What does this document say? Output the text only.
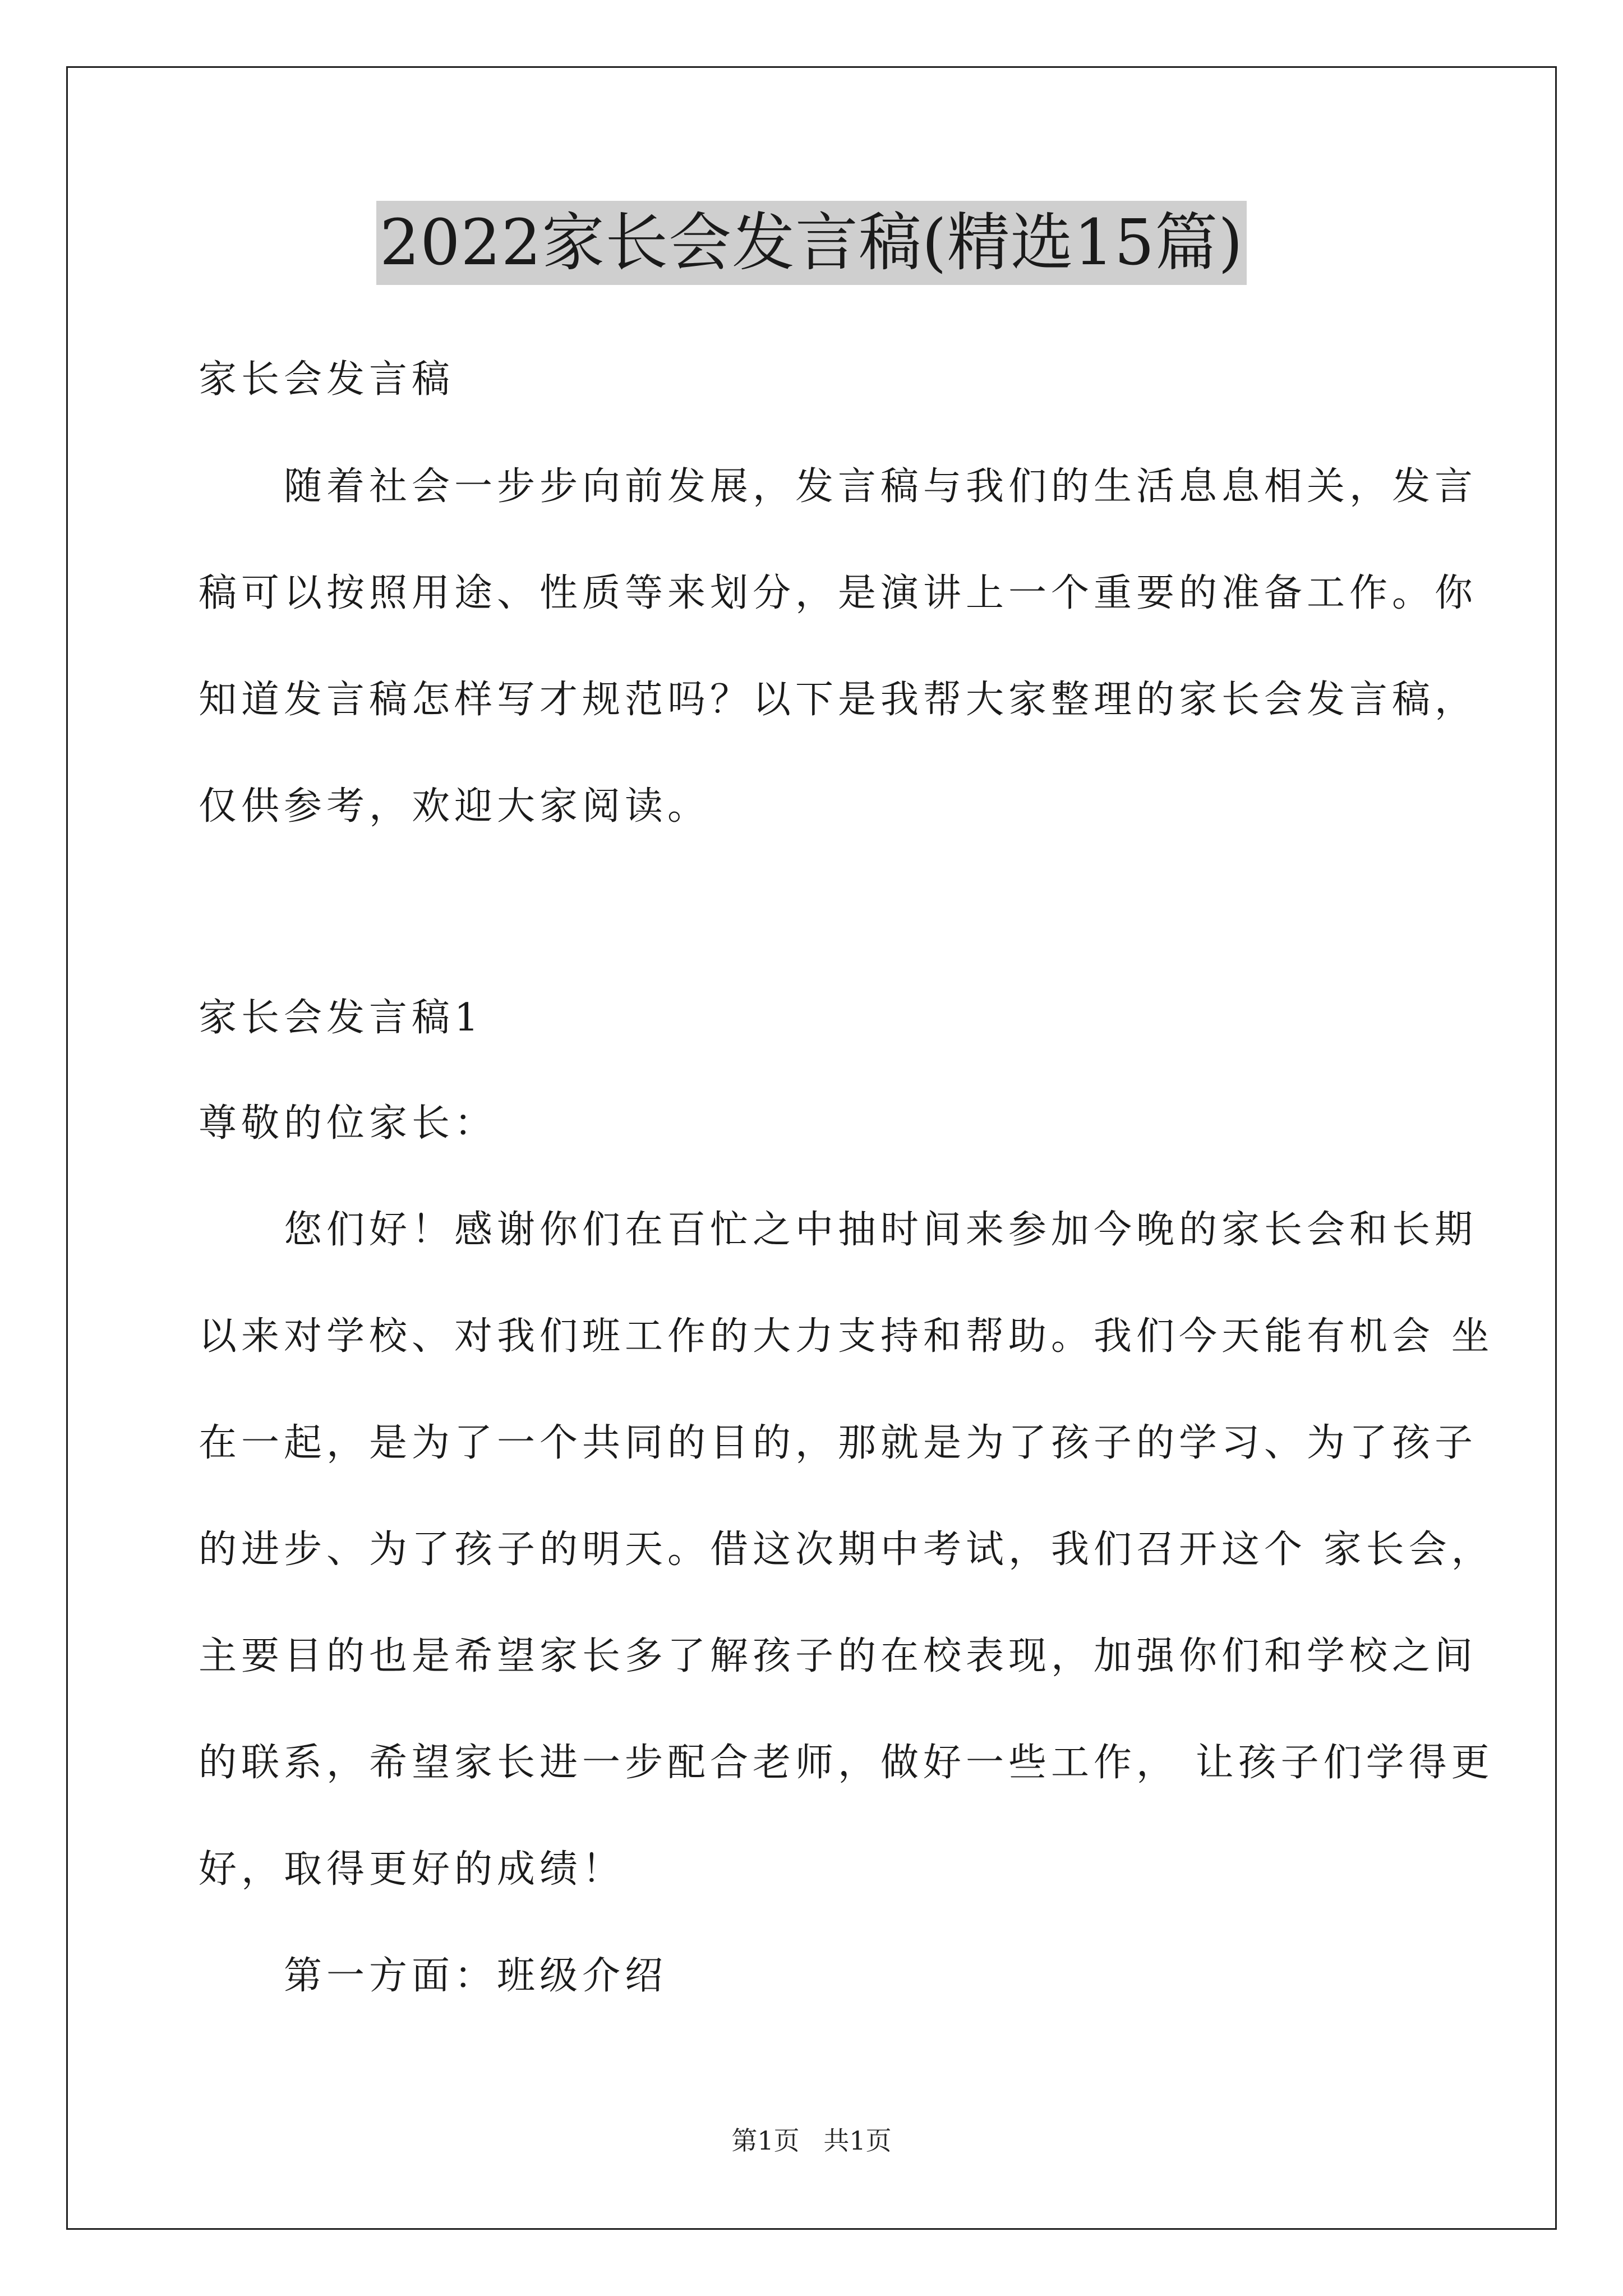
2022家长会发言稿(精选15篇)
家长会发言稿
　　随着社会一步步向前发展，发言稿与我们的生活息息相关，发言
稿可以按照用途、性质等来划分，是演讲上一个重要的准备工作。你
知道发言稿怎样写才规范吗？以下是我帮大家整理的家长会发言稿，
仅供参考，欢迎大家阅读。
家长会发言稿1
尊敬的位家长：
　　您们好！感谢你们在百忙之中抽时间来参加今晚的家长会和长期
以来对学校、对我们班工作的大力支持和帮助。我们今天能有机会 坐
在一起，是为了一个共同的目的，那就是为了孩子的学习、为了孩子
的进步、为了孩子的明天。借这次期中考试，我们召开这个 家长会，
主要目的也是希望家长多了解孩子的在校表现，加强你们和学校之间
的联系，希望家长进一步配合老师，做好一些工作， 让孩子们学得更
好，取得更好的成绩！
　　第一方面：班级介绍
第1页 共1页
